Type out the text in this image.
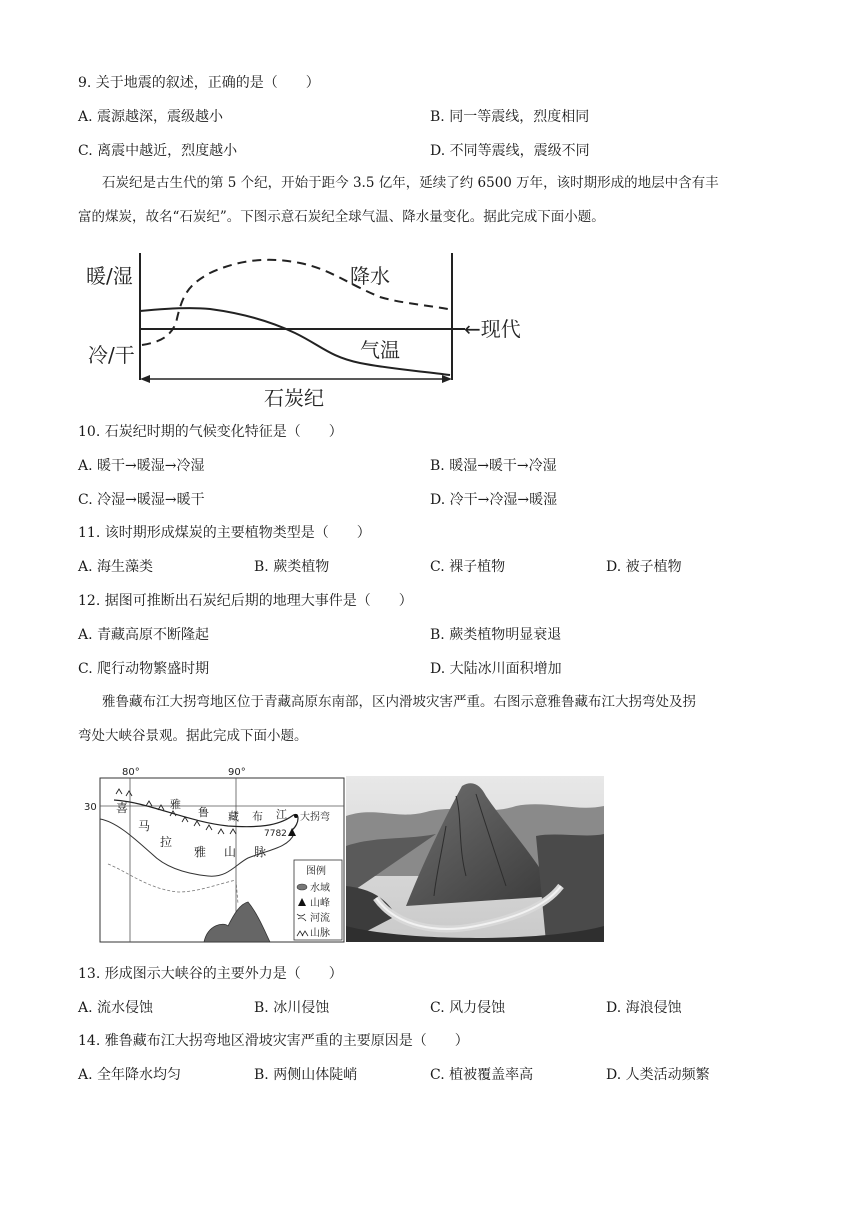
9. 关于地震的叙述，正确的是（　　）
A. 震源越深，震级越小	B. 同一等震线，烈度相同
C. 离震中越近，烈度越小	D. 不同等震线，震级不同
石炭纪是古生代的第 5 个纪，开始于距今 3.5 亿年，延续了约 6500 万年，该时期形成的地层中含有丰
富的煤炭，故名“石炭纪”。下图示意石炭纪全球气温、降水量变化。据此完成下面小题。
暖/湿
冷/干
降水
气温
←现代
石炭纪
10. 石炭纪时期的气候变化特征是（　　）
A. 暖干→暖湿→冷湿	B. 暖湿→暖干→冷湿
C. 冷湿→暖湿→暖干	D. 冷干→冷湿→暖湿
11. 该时期形成煤炭的主要植物类型是（　　）
A. 海生藻类	B. 蕨类植物	C. 裸子植物	D. 被子植物
12. 据图可推断出石炭纪后期的地理大事件是（　　）
A. 青藏高原不断隆起	B. 蕨类植物明显衰退
C. 爬行动物繁盛时期	D. 大陆冰川面积增加
雅鲁藏布江大拐弯地区位于青藏高原东南部，区内滑坡灾害严重。右图示意雅鲁藏布江大拐弯处及拐
弯处大峡谷景观。据此完成下面小题。
80°	90°
30 喜
马
拉
雅 山 脉
雅
鲁 藏 布 江 大拐弯
7782
图例
水域
山峰
河流
山脉
13. 形成图示大峡谷的主要外力是（　　）
A. 流水侵蚀	B. 冰川侵蚀	C. 风力侵蚀	D. 海浪侵蚀
14. 雅鲁藏布江大拐弯地区滑坡灾害严重的主要原因是（　　）
A. 全年降水均匀	B. 两侧山体陡峭	C. 植被覆盖率高	D. 人类活动频繁
